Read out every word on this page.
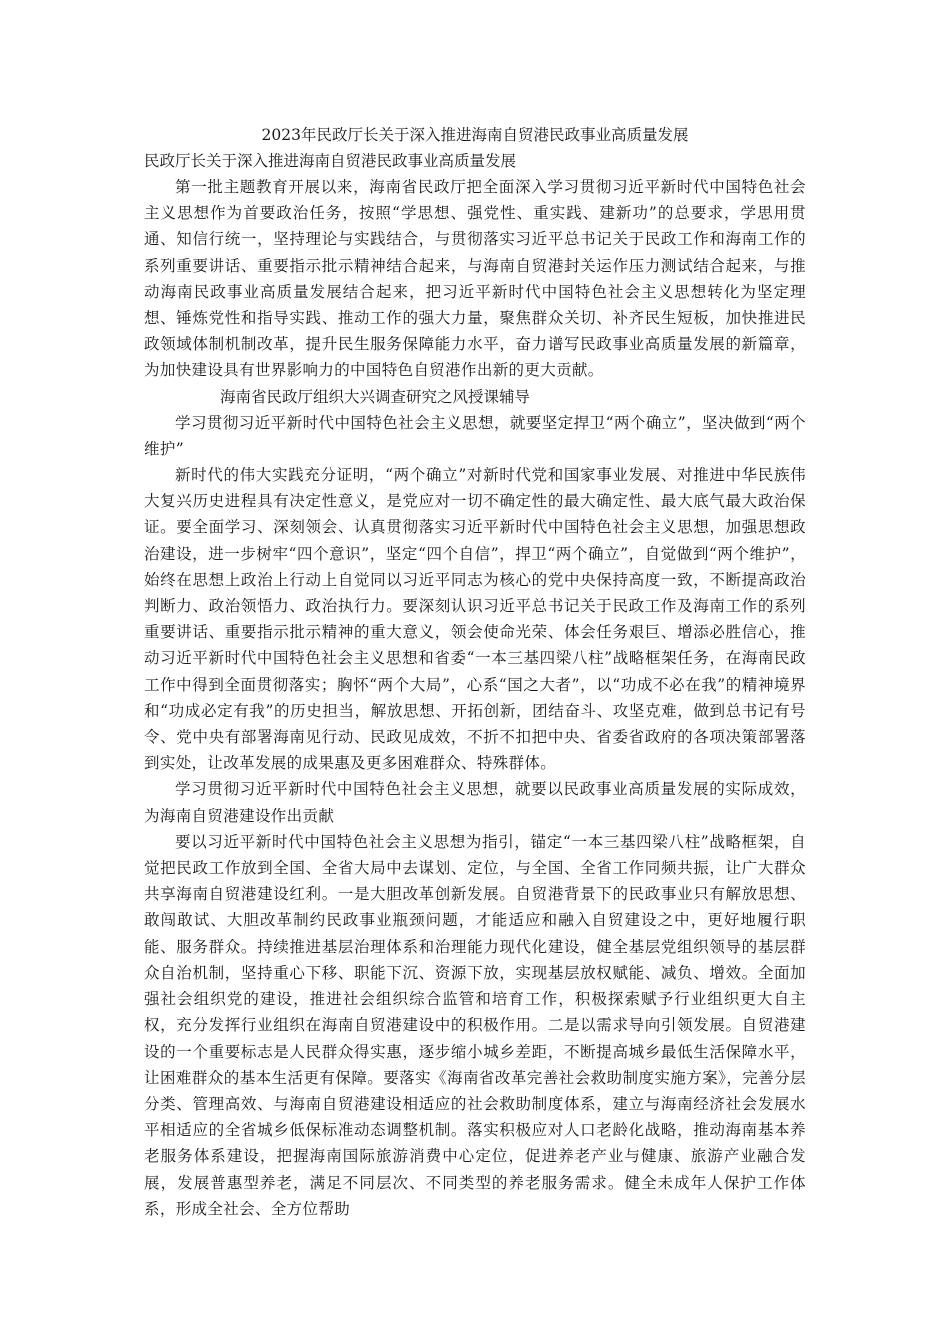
2023年民政厅长关于深入推进海南自贸港民政事业高质量发展

民政厅长关于深入推进海南自贸港民政事业高质量发展

第一批主题教育开展以来，海南省民政厅把全面深入学习贯彻习近平新时代中国特色社会主义思想作为首要政治任务，按照“学思想、强党性、重实践、建新功”的总要求，学思用贯通、知信行统一，坚持理论与实践结合，与贯彻落实习近平总书记关于民政工作和海南工作的系列重要讲话、重要指示批示精神结合起来，与海南自贸港封关运作压力测试结合起来，与推动海南民政事业高质量发展结合起来，把习近平新时代中国特色社会主义思想转化为坚定理想、锤炼党性和指导实践、推动工作的强大力量，聚焦群众关切、补齐民生短板，加快推进民政领域体制机制改革，提升民生服务保障能力水平，奋力谱写民政事业高质量发展的新篇章，为加快建设具有世界影响力的中国特色自贸港作出新的更大贡献。

海南省民政厅组织大兴调查研究之风授课辅导

学习贯彻习近平新时代中国特色社会主义思想，就要坚定捍卫“两个确立”，坚决做到“两个维护”

新时代的伟大实践充分证明，“两个确立”对新时代党和国家事业发展、对推进中华民族伟大复兴历史进程具有决定性意义，是党应对一切不确定性的最大确定性、最大底气最大政治保证。要全面学习、深刻领会、认真贯彻落实习近平新时代中国特色社会主义思想，加强思想政治建设，进一步树牢“四个意识”，坚定“四个自信”，捍卫“两个确立”，自觉做到“两个维护”，始终在思想上政治上行动上自觉同以习近平同志为核心的党中央保持高度一致，不断提高政治判断力、政治领悟力、政治执行力。要深刻认识习近平总书记关于民政工作及海南工作的系列重要讲话、重要指示批示精神的重大意义，领会使命光荣、体会任务艰巨、增添必胜信心，推动习近平新时代中国特色社会主义思想和省委“一本三基四梁八柱”战略框架任务，在海南民政工作中得到全面贯彻落实；胸怀“两个大局”，心系“国之大者”，以“功成不必在我”的精神境界和“功成必定有我”的历史担当，解放思想、开拓创新，团结奋斗、攻坚克难，做到总书记有号令、党中央有部署海南见行动、民政见成效，不折不扣把中央、省委省政府的各项决策部署落到实处，让改革发展的成果惠及更多困难群众、特殊群体。

学习贯彻习近平新时代中国特色社会主义思想，就要以民政事业高质量发展的实际成效，为海南自贸港建设作出贡献

要以习近平新时代中国特色社会主义思想为指引，锚定“一本三基四梁八柱”战略框架，自觉把民政工作放到全国、全省大局中去谋划、定位，与全国、全省工作同频共振，让广大群众共享海南自贸港建设红利。一是大胆改革创新发展。自贸港背景下的民政事业只有解放思想、敢闯敢试、大胆改革制约民政事业瓶颈问题，才能适应和融入自贸建设之中，更好地履行职能、服务群众。持续推进基层治理体系和治理能力现代化建设，健全基层党组织领导的基层群众自治机制，坚持重心下移、职能下沉、资源下放，实现基层放权赋能、减负、增效。全面加强社会组织党的建设，推进社会组织综合监管和培育工作，积极探索赋予行业组织更大自主权，充分发挥行业组织在海南自贸港建设中的积极作用。二是以需求导向引领发展。自贸港建设的一个重要标志是人民群众得实惠，逐步缩小城乡差距，不断提高城乡最低生活保障水平，让困难群众的基本生活更有保障。要落实《海南省改革完善社会救助制度实施方案》，完善分层分类、管理高效、与海南自贸港建设相适应的社会救助制度体系，建立与海南经济社会发展水平相适应的全省城乡低保标准动态调整机制。落实积极应对人口老龄化战略，推动海南基本养老服务体系建设，把握海南国际旅游消费中心定位，促进养老产业与健康、旅游产业融合发展，发展普惠型养老，满足不同层次、不同类型的养老服务需求。健全未成年人保护工作体系，形成全社会、全方位帮助
